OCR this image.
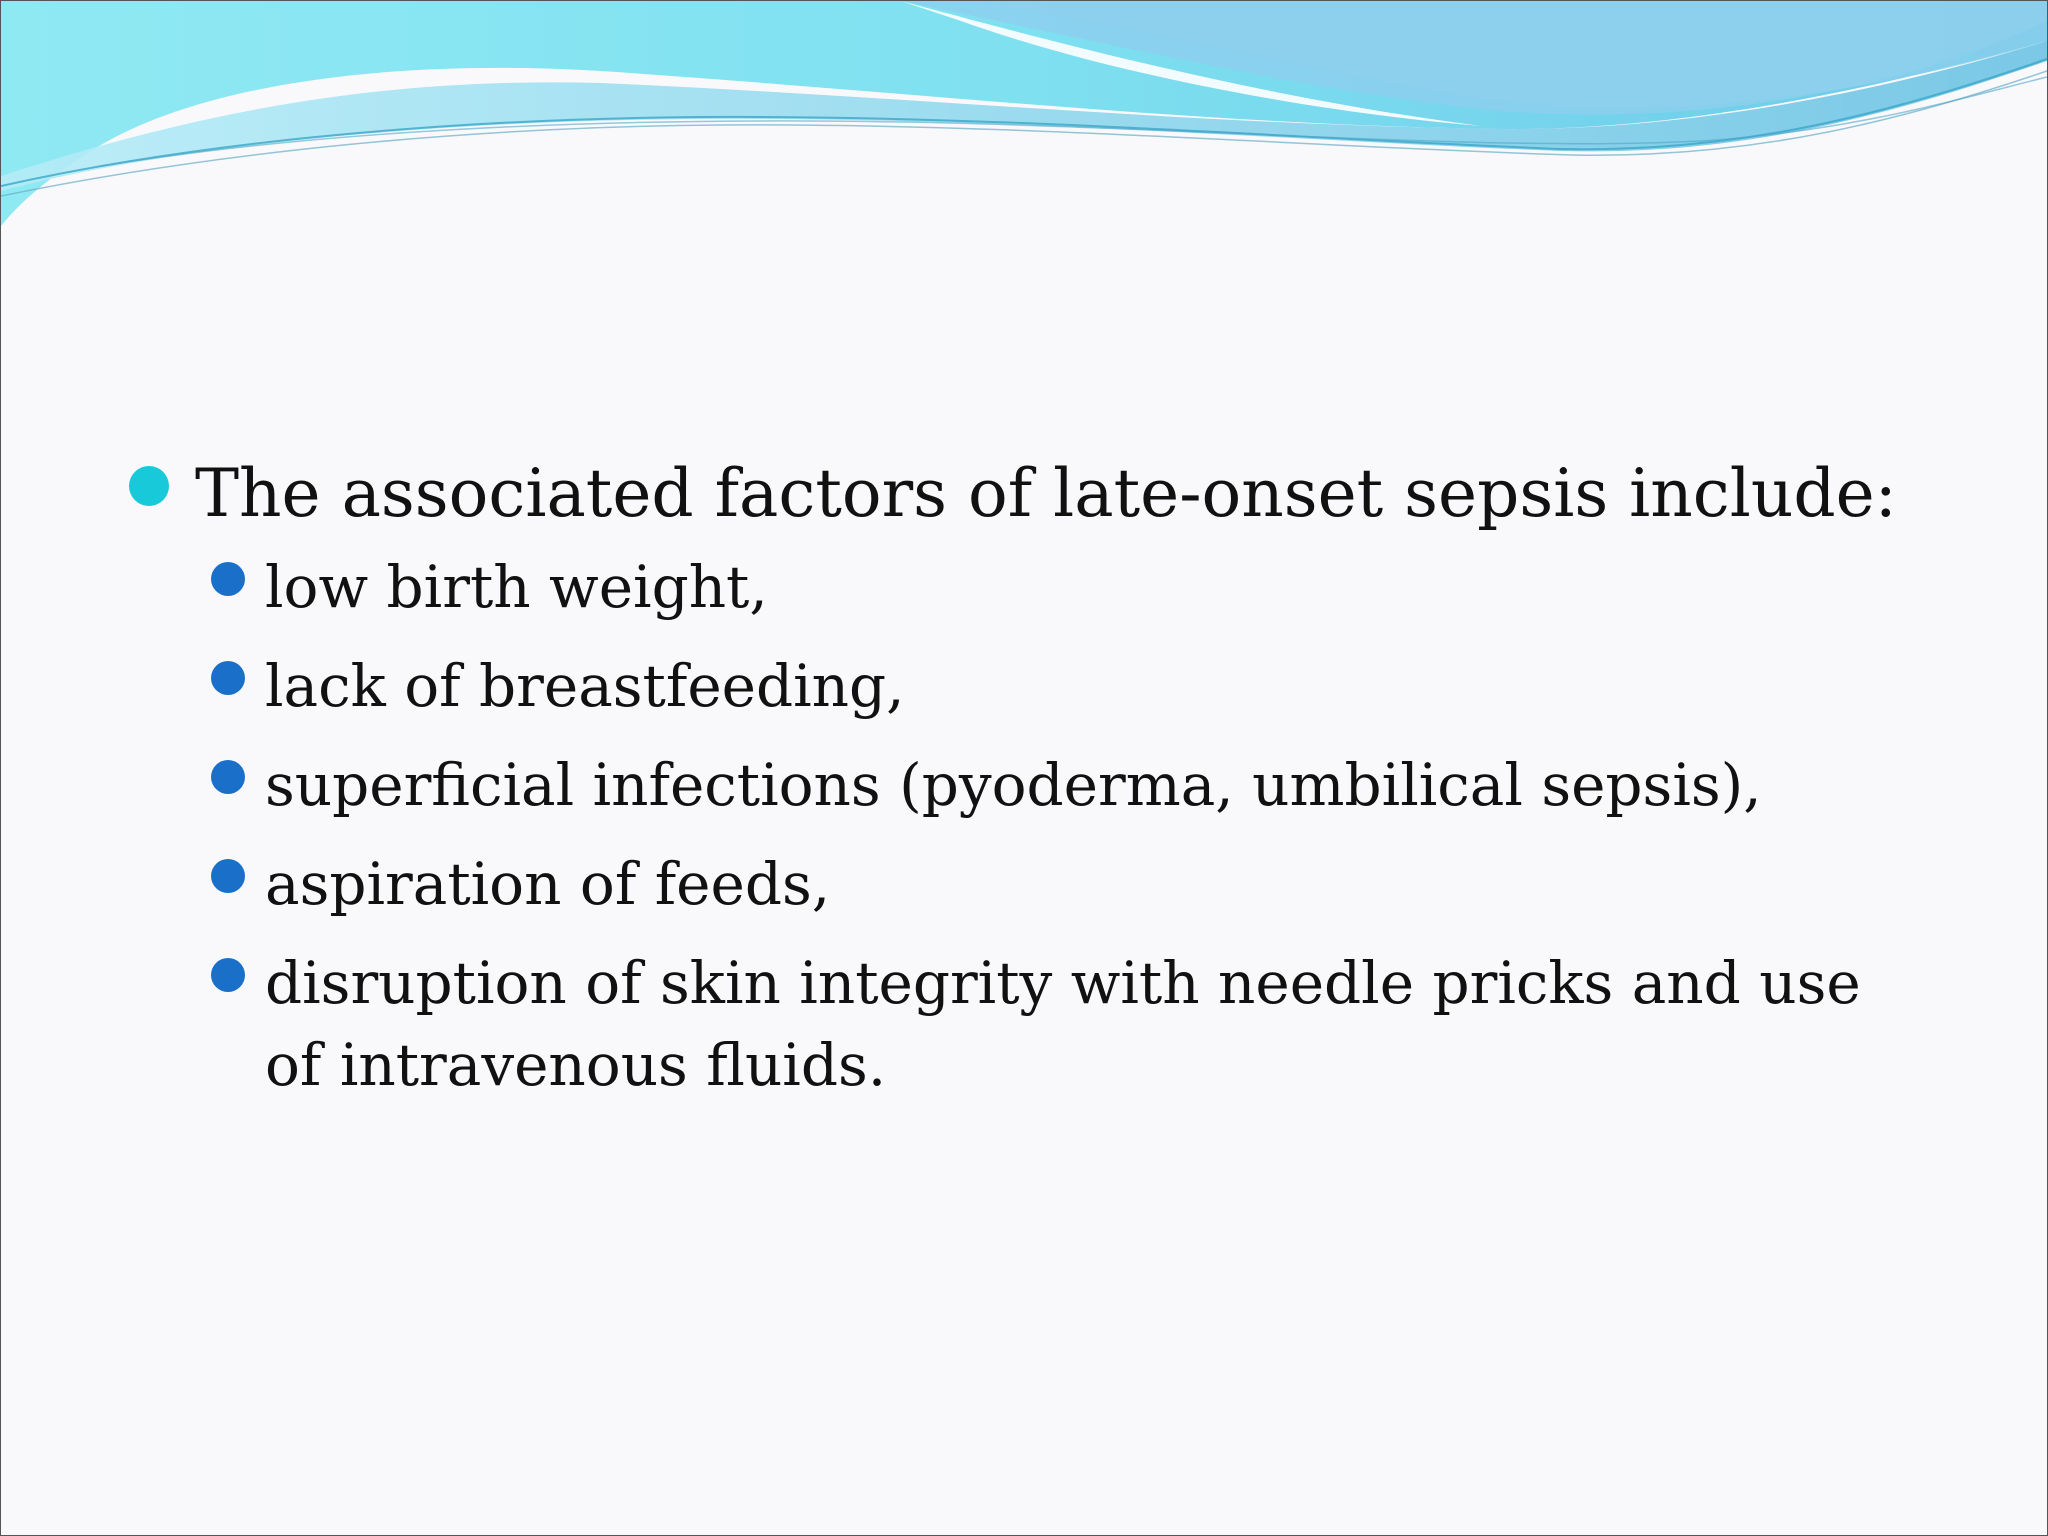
The associated factors of late-onset sepsis include:
low birth weight,
lack of breastfeeding,
superficial infections (pyoderma, umbilical sepsis),
aspiration of feeds,
disruption of skin integrity with needle pricks and use of intravenous fluids.
